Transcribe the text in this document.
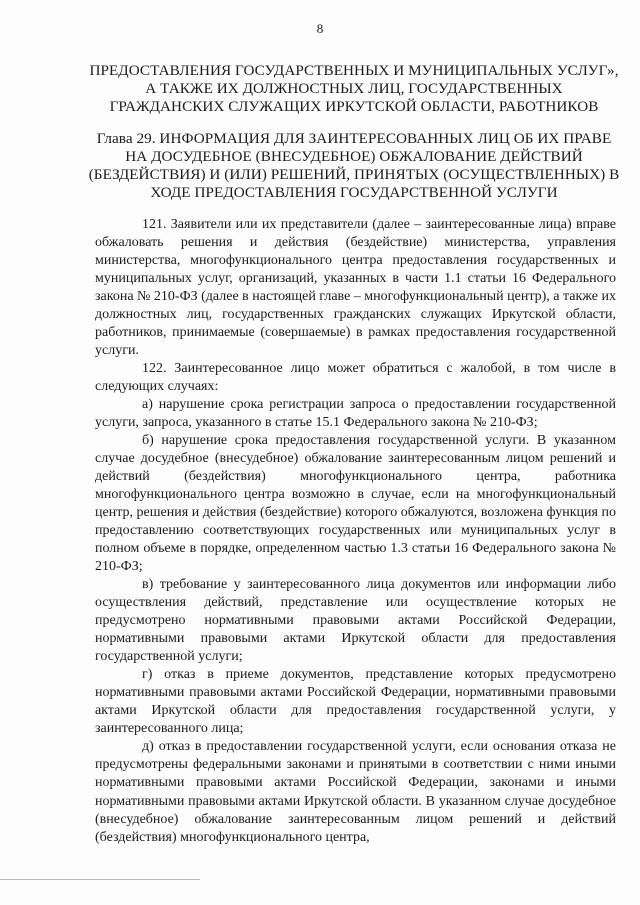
8
ПРЕДОСТАВЛЕНИЯ ГОСУДАРСТВЕННЫХ И МУНИЦИПАЛЬНЫХ УСЛУГ», А ТАКЖЕ ИХ ДОЛЖНОСТНЫХ ЛИЦ, ГОСУДАРСТВЕННЫХ ГРАЖДАНСКИХ СЛУЖАЩИХ ИРКУТСКОЙ ОБЛАСТИ, РАБОТНИКОВ
Глава 29. ИНФОРМАЦИЯ ДЛЯ ЗАИНТЕРЕСОВАННЫХ ЛИЦ ОБ ИХ ПРАВЕ НА ДОСУДЕБНОЕ (ВНЕСУДЕБНОЕ) ОБЖАЛОВАНИЕ ДЕЙСТВИЙ (БЕЗДЕЙСТВИЯ) И (ИЛИ) РЕШЕНИЙ, ПРИНЯТЫХ (ОСУЩЕСТВЛЕННЫХ) В ХОДЕ ПРЕДОСТАВЛЕНИЯ ГОСУДАРСТВЕННОЙ УСЛУГИ

121. Заявители или их представители (далее – заинтересованные лица) вправе обжаловать решения и действия (бездействие) министерства, управления министерства, многофункционального центра предоставления государственных и муниципальных услуг, организаций, указанных в части 1.1 статьи 16 Федерального закона № 210-ФЗ (далее в настоящей главе – многофункциональный центр), а также их должностных лиц, государственных гражданских служащих Иркутской области, работников, принимаемые (совершаемые) в рамках предоставления государственной услуги.

122. Заинтересованное лицо может обратиться с жалобой, в том числе в следующих случаях:

а) нарушение срока регистрации запроса о предоставлении государственной услуги, запроса, указанного в статье 15.1 Федерального закона № 210-ФЗ;

б) нарушение срока предоставления государственной услуги. В указанном случае досудебное (внесудебное) обжалование заинтересованным лицом решений и действий (бездействия) многофункционального центра, работника многофункционального центра возможно в случае, если на многофункциональный центр, решения и действия (бездействие) которого обжалуются, возложена функция по предоставлению соответствующих государственных или муниципальных услуг в полном объеме в порядке, определенном частью 1.3 статьи 16 Федерального закона № 210-ФЗ;

в) требование у заинтересованного лица документов или информации либо осуществления действий, представление или осуществление которых не предусмотрено нормативными правовыми актами Российской Федерации, нормативными правовыми актами Иркутской области для предоставления государственной услуги;

г) отказ в приеме документов, представление которых предусмотрено нормативными правовыми актами Российской Федерации, нормативными правовыми актами Иркутской области для предоставления государственной услуги, у заинтересованного лица;

д) отказ в предоставлении государственной услуги, если основания отказа не предусмотрены федеральными законами и принятыми в соответствии с ними иными нормативными правовыми актами Российской Федерации, законами и иными нормативными правовыми актами Иркутской области. В указанном случае досудебное (внесудебное) обжалование заинтересованным лицом решений и действий (бездействия) многофункционального центра,
